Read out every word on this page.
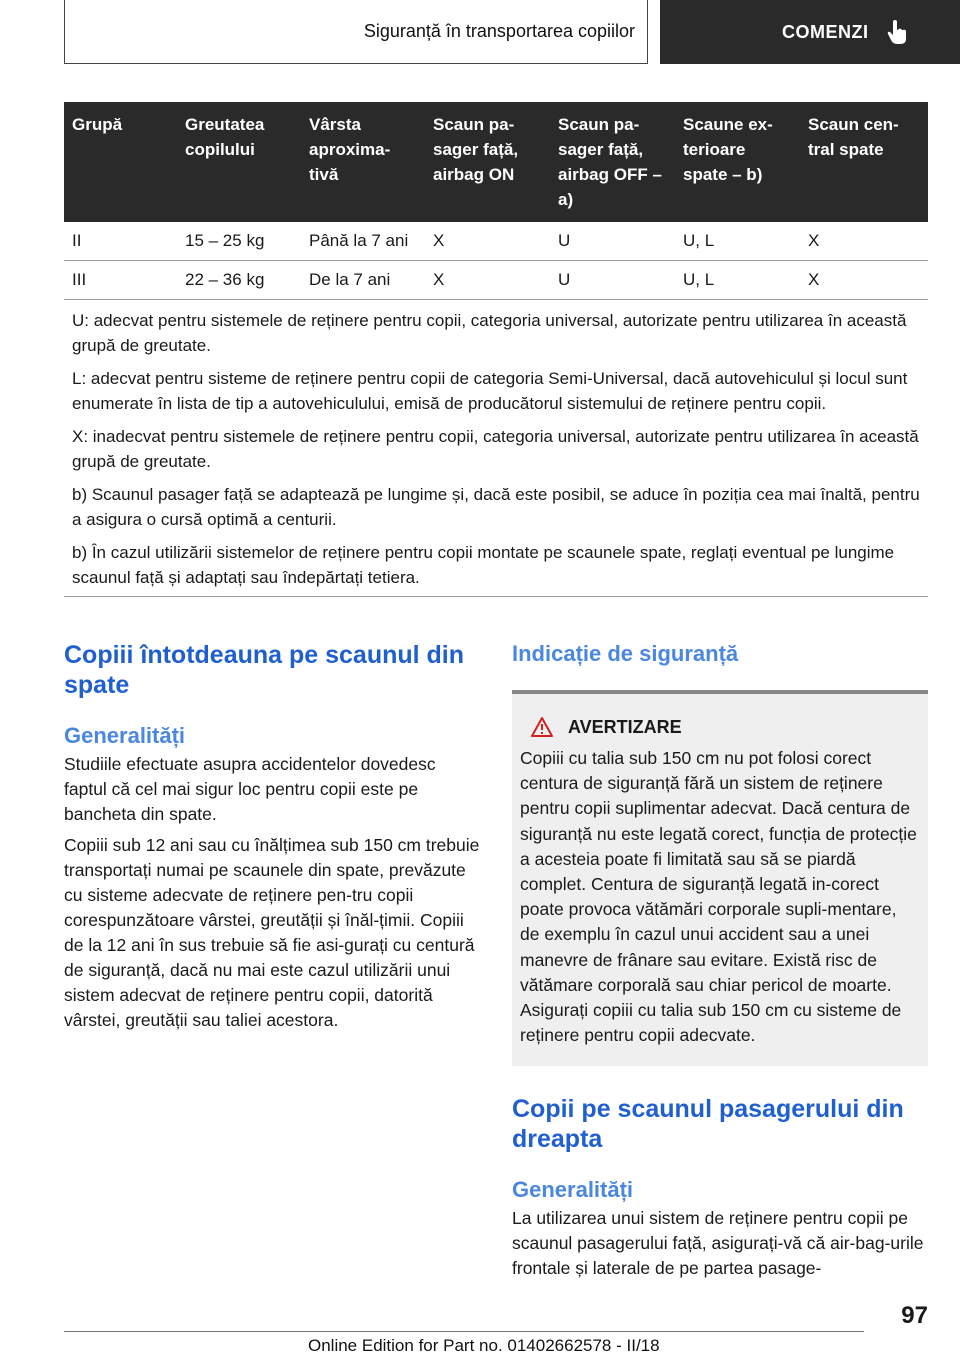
Siguranță în transportarea copiilor	COMENZI
Grupă	Greutatea copilului	Vârsta aproxima-tivă	Scaun pa-sager față, airbag ON	Scaun pa-sager față, airbag OFF – a)	Scaune ex-terioare spate – b)	Scaun cen-tral spate
II	15 – 25 kg	Până la 7 ani	X	U	U, L	X
III	22 – 36 kg	De la 7 ani	X	U	U, L	X

U: adecvat pentru sistemele de reținere pentru copii, categoria universal, autorizate pentru utilizarea în această grupă de greutate.

L: adecvat pentru sisteme de reținere pentru copii de categoria Semi-Universal, dacă autovehiculul și locul sunt enumerate în lista de tip a autovehiculului, emisă de producătorul sistemului de reținere pentru copii.

X: inadecvat pentru sistemele de reținere pentru copii, categoria universal, autorizate pentru utilizarea în această grupă de greutate.

b) Scaunul pasager față se adaptează pe lungime și, dacă este posibil, se aduce în poziția cea mai înaltă, pentru a asigura o cursă optimă a centurii.

b) În cazul utilizării sistemelor de reținere pentru copii montate pe scaunele spate, reglați eventual pe lungime scaunul față și adaptați sau îndepărtați tetiera.						

Copiii întotdeauna pe scaunul din spate
Generalități

Studiile efectuate asupra accidentelor dovedesc faptul că cel mai sigur loc pentru copii este pe bancheta din spate.

Copiii sub 12 ani sau cu înălțimea sub 150 cm trebuie transportați numai pe scaunele din spate, prevăzute cu sisteme adecvate de reținere pen-tru copii corespunzătoare vârstei, greutății și înăl-țimii. Copiii de la 12 ani în sus trebuie să fie asi-gurați cu centură de siguranță, dacă nu mai este cazul utilizării unui sistem adecvat de reținere pentru copii, datorită vârstei, greutății sau taliei acestora.

Indicație de siguranță
AVERTIZARE

Copiii cu talia sub 150 cm nu pot folosi corect centura de siguranță fără un sistem de reținere pentru copii suplimentar adecvat. Dacă centura de siguranță nu este legată corect, funcția de protecție a acesteia poate fi limitată sau să se piardă complet. Centura de siguranță legată in-corect poate provoca vătămări corporale supli-mentare, de exemplu în cazul unui accident sau a unei manevre de frânare sau evitare. Există risc de vătămare corporală sau chiar pericol de moarte. Asigurați copiii cu talia sub 150 cm cu sisteme de reținere pentru copii adecvate.

Copii pe scaunul pasagerului din dreapta
Generalități

La utilizarea unui sistem de reținere pentru copii pe scaunul pasagerului față, asigurați-vă că air-bag-urile frontale și laterale de pe partea pasage-

97
Online Edition for Part no. 01402662578 - II/18
